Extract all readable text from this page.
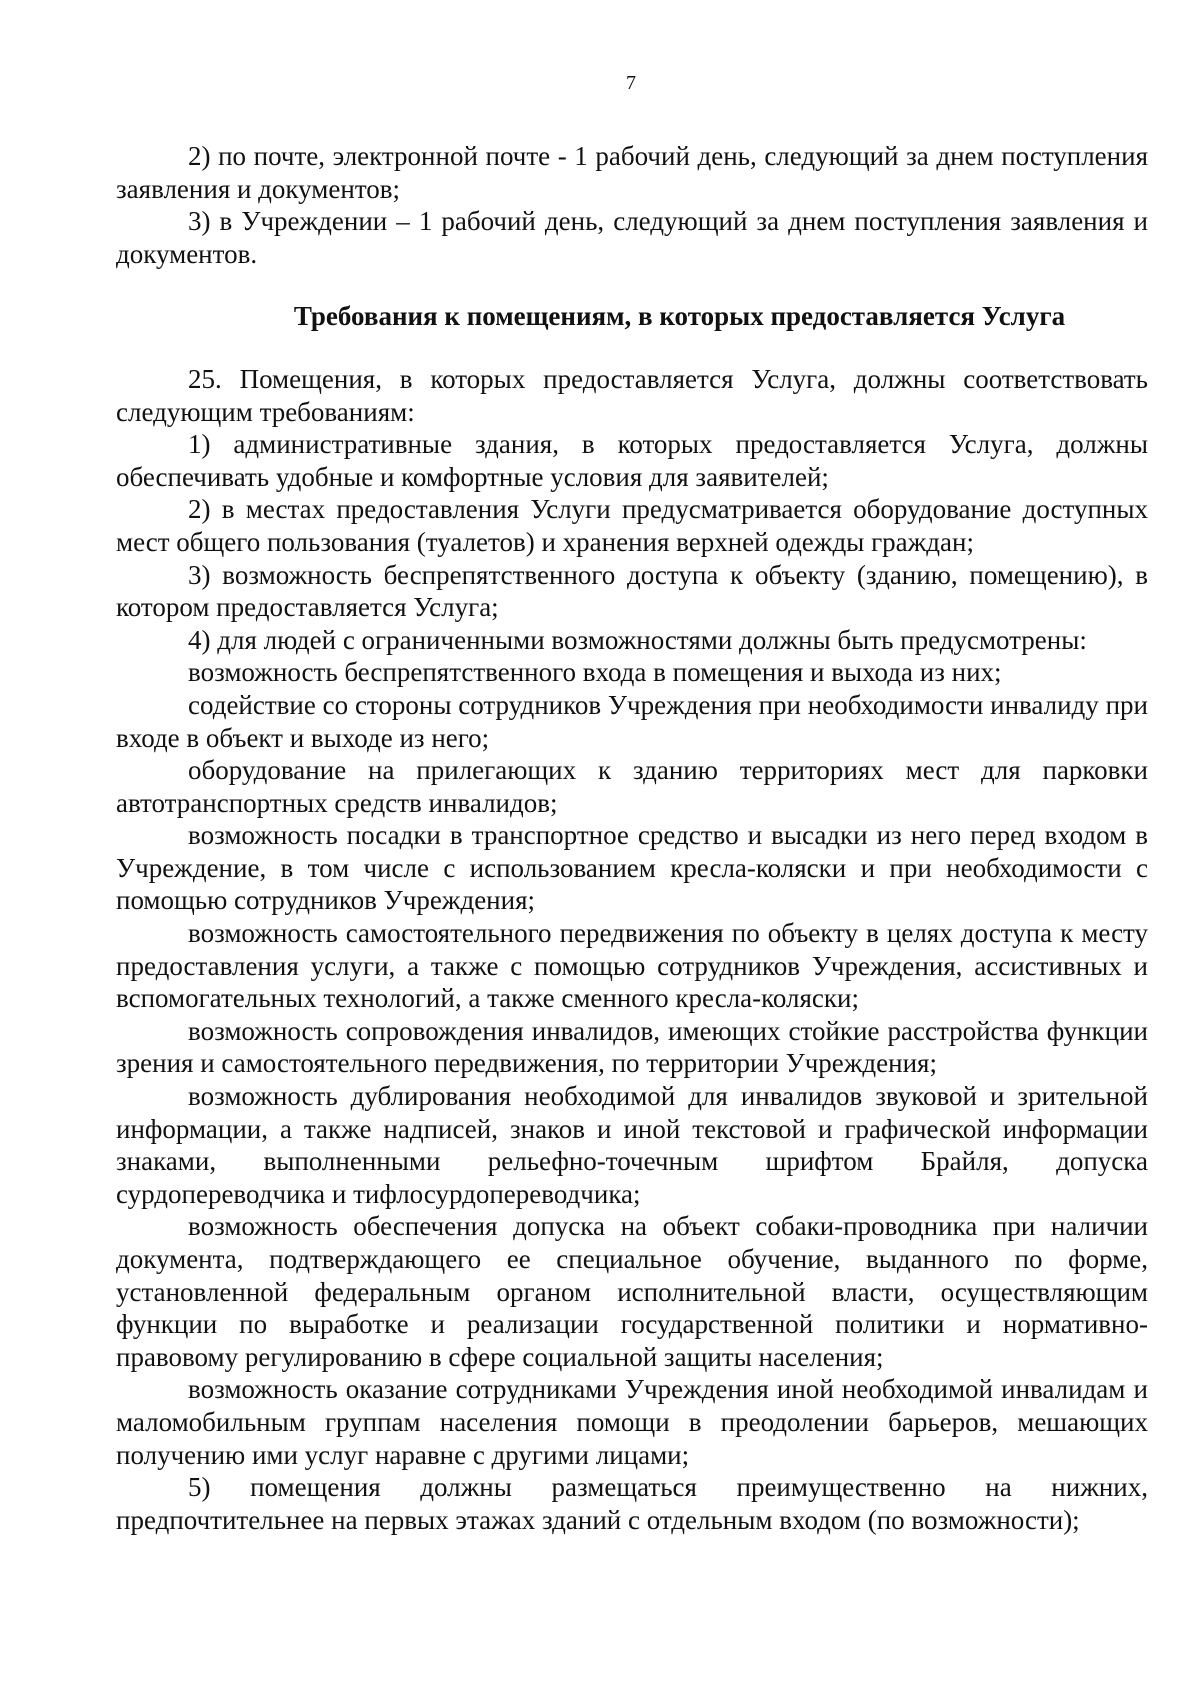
7

2) по почте, электронной почте - 1 рабочий день, следующий за днем поступления заявления и документов;

3) в Учреждении – 1 рабочий день, следующий за днем поступления заявления и документов.

Требования к помещениям, в которых предоставляется Услуга

25. Помещения, в которых предоставляется Услуга, должны соответствовать следующим требованиям:

1) административные здания, в которых предоставляется Услуга, должны обеспечивать удобные и комфортные условия для заявителей;

2) в местах предоставления Услуги предусматривается оборудование доступных мест общего пользования (туалетов) и хранения верхней одежды граждан;

3) возможность беспрепятственного доступа к объекту (зданию, помещению), в котором предоставляется Услуга;

4) для людей с ограниченными возможностями должны быть предусмотрены:

возможность беспрепятственного входа в помещения и выхода из них;

содействие со стороны сотрудников Учреждения при необходимости инвалиду при входе в объект и выходе из него;

оборудование на прилегающих к зданию территориях мест для парковки автотранспортных средств инвалидов;

возможность посадки в транспортное средство и высадки из него перед входом в Учреждение, в том числе с использованием кресла-коляски и при необходимости с помощью сотрудников Учреждения;

возможность самостоятельного передвижения по объекту в целях доступа к месту предоставления услуги, а также с помощью сотрудников Учреждения, ассистивных и вспомогательных технологий, а также сменного кресла-коляски;

возможность сопровождения инвалидов, имеющих стойкие расстройства функции зрения и самостоятельного передвижения, по территории Учреждения;

возможность дублирования необходимой для инвалидов звуковой и зрительной информации, а также надписей, знаков и иной текстовой и графической информации знаками, выполненными рельефно-точечным шрифтом Брайля, допуска сурдопереводчика и тифлосурдопереводчика;

возможность обеспечения допуска на объект собаки-проводника при наличии документа, подтверждающего ее специальное обучение, выданного по форме, установленной федеральным органом исполнительной власти, осуществляющим функции по выработке и реализации государственной политики и нормативно-правовому регулированию в сфере социальной защиты населения;

возможность оказание сотрудниками Учреждения иной необходимой инвалидам и маломобильным группам населения помощи в преодолении барьеров, мешающих получению ими услуг наравне с другими лицами;

5) помещения должны размещаться преимущественно на нижних, предпочтительнее на первых этажах зданий с отдельным входом (по возможности);
